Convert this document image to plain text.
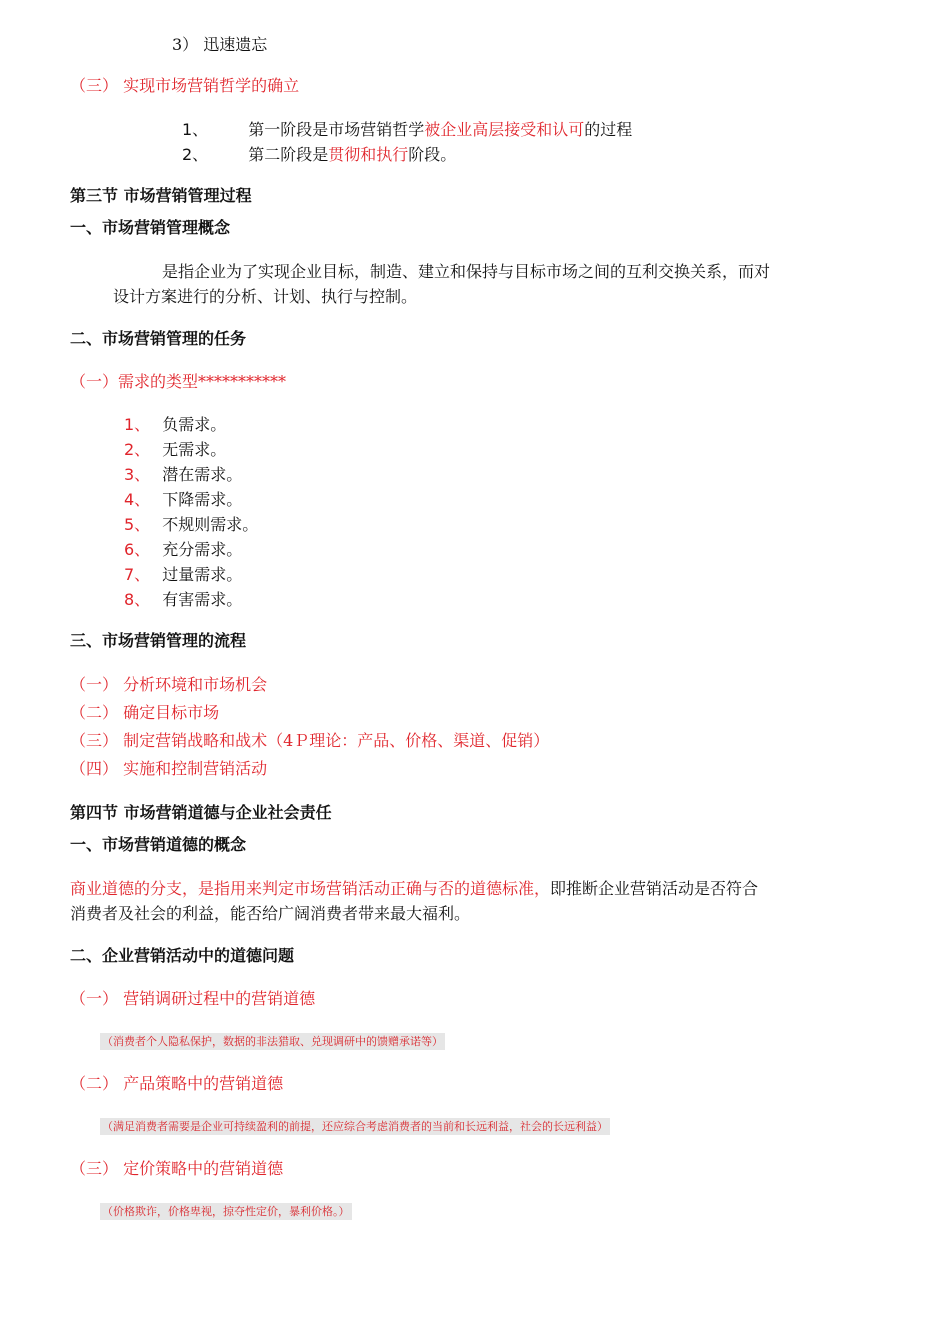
3） 迅速遗忘
（三） 实现市场营销哲学的确立
1、	第一阶段是市场营销哲学被企业高层接受和认可的过程
2、	第二阶段是贯彻和执行阶段。
第三节 市场营销管理过程
一、市场营销管理概念
是指企业为了实现企业目标，制造、建立和保持与目标市场之间的互利交换关系，而对
设计方案进行的分析、计划、执行与控制。
二、市场营销管理的任务
（一）需求的类型***********
1、 负需求。
2、 无需求。
3、 潜在需求。
4、 下降需求。
5、 不规则需求。
6、 充分需求。
7、 过量需求。
8、 有害需求。
三、市场营销管理的流程
（一） 分析环境和市场机会
（二） 确定目标市场
（三） 制定营销战略和战术（4Ｐ理论：产品、价格、渠道、促销）
（四） 实施和控制营销活动
第四节 市场营销道德与企业社会责任
一、市场营销道德的概念
商业道德的分支，是指用来判定市场营销活动正确与否的道德标准，即推断企业营销活动是否符合
消费者及社会的利益，能否给广阔消费者带来最大福利。
二、企业营销活动中的道德问题
（一） 营销调研过程中的营销道德
（消费者个人隐私保护，数据的非法猎取、兑现调研中的馈赠承诺等）
（二） 产品策略中的营销道德
（满足消费者需要是企业可持续盈利的前提，还应综合考虑消费者的当前和长远利益，社会的长远利益）
（三） 定价策略中的营销道德
（价格欺诈，价格卑视，掠夺性定价，暴利价格。）
